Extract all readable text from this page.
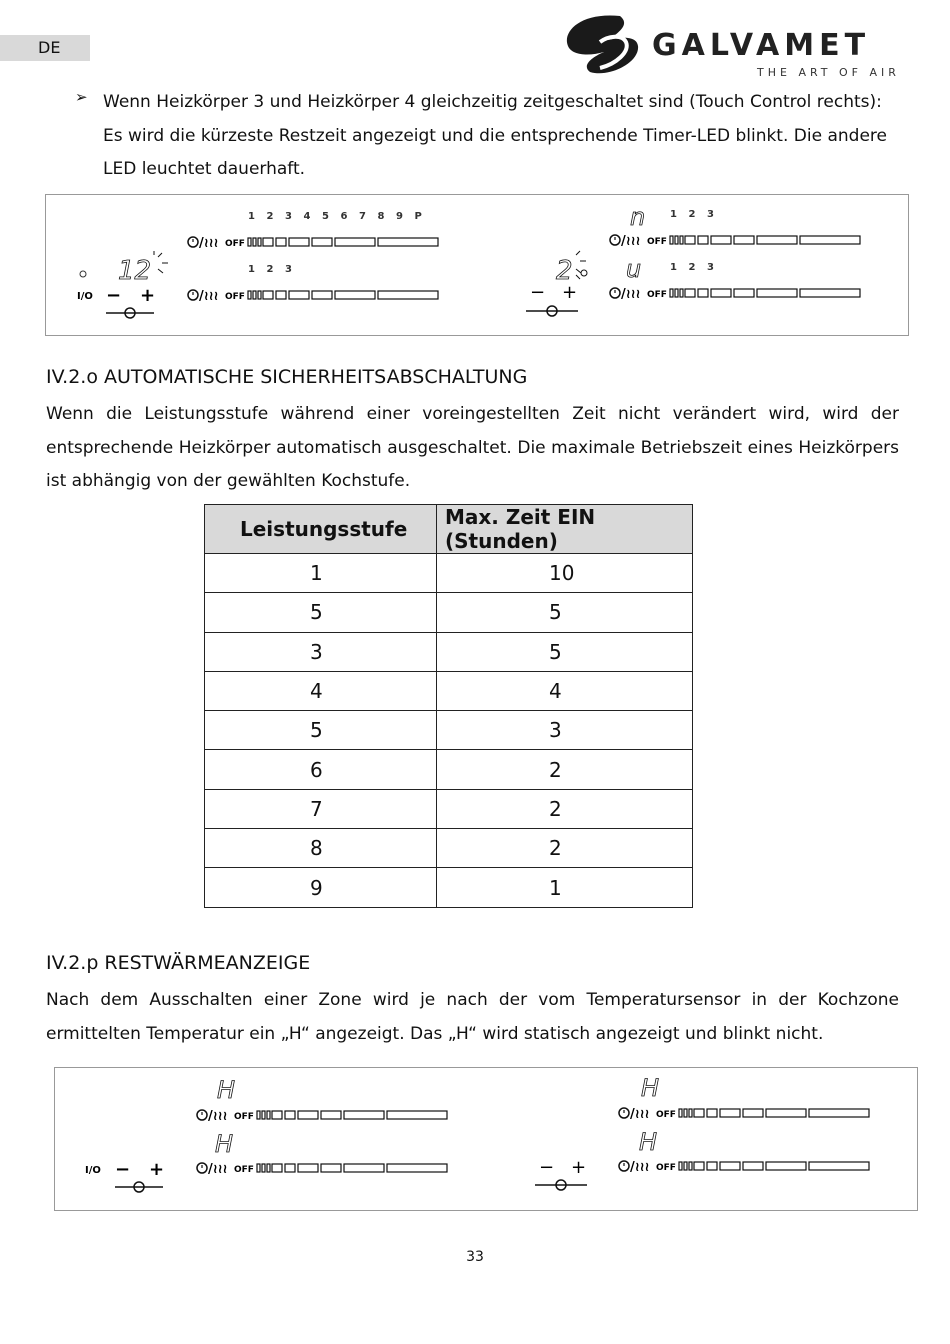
DE	GALVAMET
THE ART OF AIR
➢ Wenn Heizkörper 3 und Heizkörper 4 gleichzeitig zeitgeschaltet sind (Touch Control rechts): Es wird die kürzeste Restzeit angezeigt und die entsprechende Timer-LED blinkt. Die andere LED leuchtet dauerhaft.
I/O − +
12
/≀≀≀ OFF
1 2 3 4 5 6 7 8 9 P
/≀≀≀ OFF
1 2 3
/≀≀≀ OFF
1 2 3
/≀≀≀ OFF
1 2 3
− +
2
n
u
IV.2.o AUTOMATISCHE SICHERHEITSABSCHALTUNG
Wenn die Leistungsstufe während einer voreingestellten Zeit nicht verändert wird, wird der entsprechende Heizkörper automatisch ausgeschaltet. Die maximale Betriebszeit eines Heizkörpers ist abhängig von der gewählten Kochstufe.
Leistungsstufe	Max. Zeit EIN (Stunden)
1	10
5	5
3	5
4	4
5	3
6	2
7	2
8	2
9	1
IV.2.p RESTWÄRMEANZEIGE
Nach dem Ausschalten einer Zone wird je nach der vom Temperatursensor in der Kochzone ermittelten Temperatur ein „H“ angezeigt. Das „H“ wird statisch angezeigt und blinkt nicht.
I/O − +	− +
H
H
H
H
/≀≀≀ OFF
/≀≀≀ OFF
/≀≀≀ OFF
/≀≀≀ OFF
33
